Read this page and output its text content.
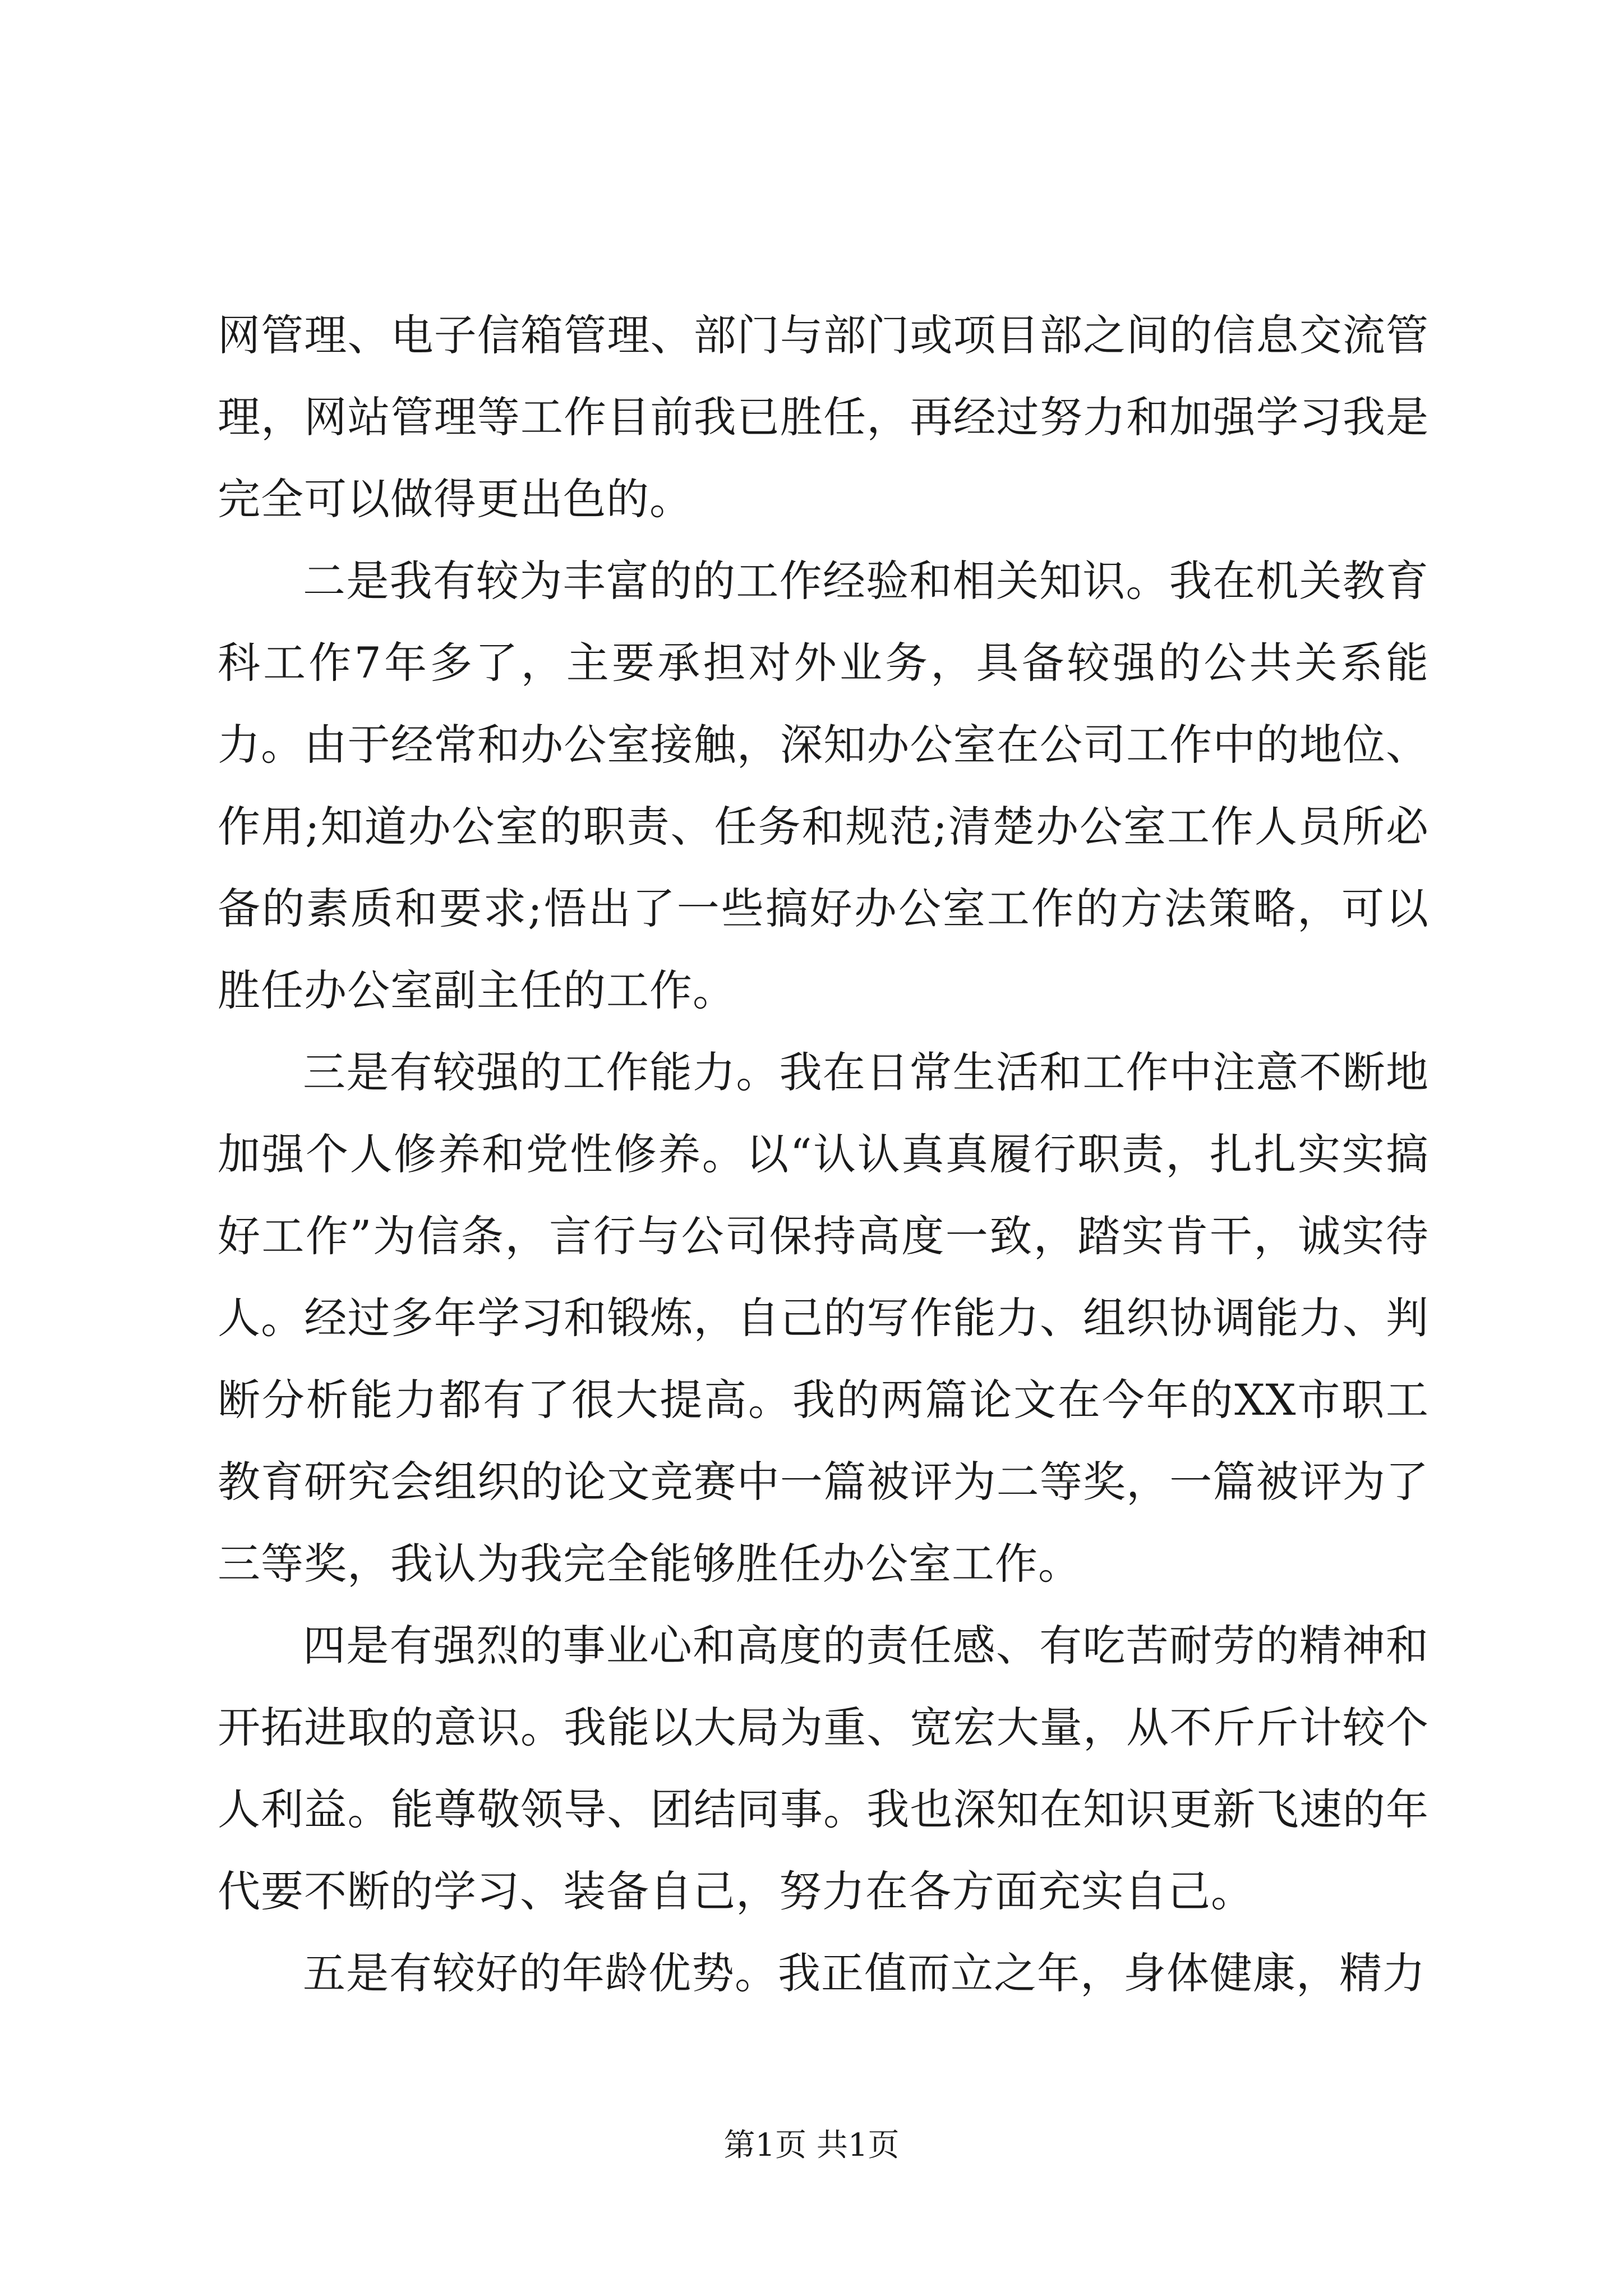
网管理、电子信箱管理、部门与部门或项目部之间的信息交流管理，网站管理等工作目前我已胜任，再经过努力和加强学习我是完全可以做得更出色的。

二是我有较为丰富的的工作经验和相关知识。我在机关教育科工作7年多了，主要承担对外业务，具备较强的公共关系能力。由于经常和办公室接触，深知办公室在公司工作中的地位、作用;知道办公室的职责、任务和规范;清楚办公室工作人员所必备的素质和要求;悟出了一些搞好办公室工作的方法策略，可以胜任办公室副主任的工作。

三是有较强的工作能力。我在日常生活和工作中注意不断地加强个人修养和党性修养。以“认认真真履行职责，扎扎实实搞好工作”为信条，言行与公司保持高度一致，踏实肯干，诚实待人。经过多年学习和锻炼，自己的写作能力、组织协调能力、判断分析能力都有了很大提高。我的两篇论文在今年的XX市职工教育研究会组织的论文竞赛中一篇被评为二等奖，一篇被评为了三等奖，我认为我完全能够胜任办公室工作。

四是有强烈的事业心和高度的责任感、有吃苦耐劳的精神和开拓进取的意识。我能以大局为重、宽宏大量，从不斤斤计较个人利益。能尊敬领导、团结同事。我也深知在知识更新飞速的年代要不断的学习、装备自己，努力在各方面充实自己。

五是有较好的年龄优势。我正值而立之年，身体健康，精力

第1页 共1页
